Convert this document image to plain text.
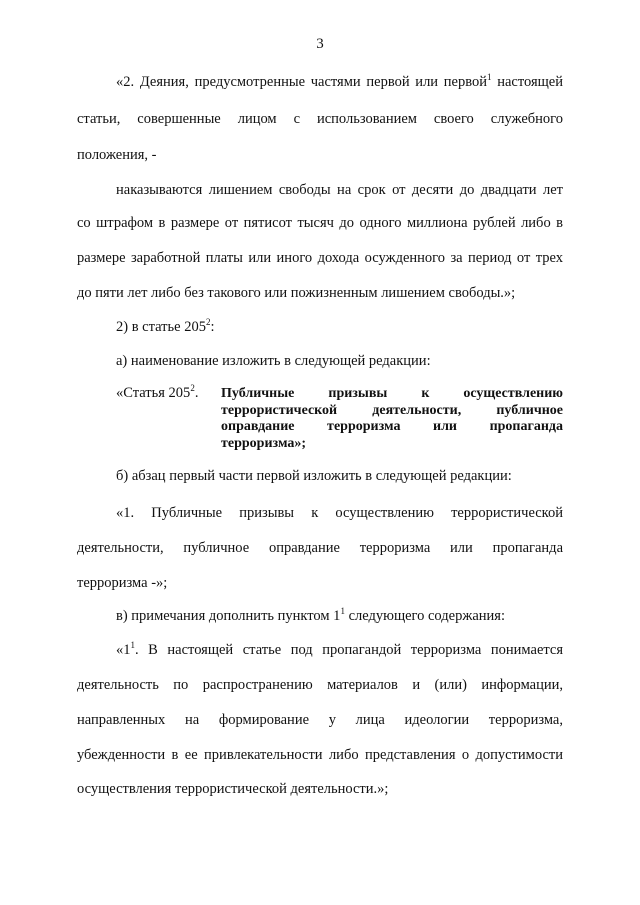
3
«2. Деяния, предусмотренные частями первой или первой$^1$ настоящей
статьи, совершенные лицом с использованием своего служебного
положения, -
наказываются лишением свободы на срок от десяти до двадцати лет
со штрафом в размере от пятисот тысяч до одного миллиона рублей либо в
размере заработной платы или иного дохода осужденного за период от трех
до пяти лет либо без такового или пожизненным лишением свободы.»;
2) в статье $205^2$:
а) наименование изложить в следующей редакции:
«Статья $205^2$. Публичные призывы к осуществлению
террористической деятельности, публичное
оправдание терроризма или пропаганда

терроризма»;
б) абзац первый части первой изложить в следующей редакции:
«1. Публичные призывы к осуществлению террористической
деятельности, публичное оправдание терроризма или пропаганда
терроризма -»;
в) примечания дополнить пунктом $1^1$ следующего содержания:
«$1^1$. В настоящей статье под пропагандой терроризма понимается
деятельность по распространению материалов и (или) информации,
направленных на формирование у лица идеологии терроризма,
убежденности в ее привлекательности либо представления о допустимости
осуществления террористической деятельности.»;
